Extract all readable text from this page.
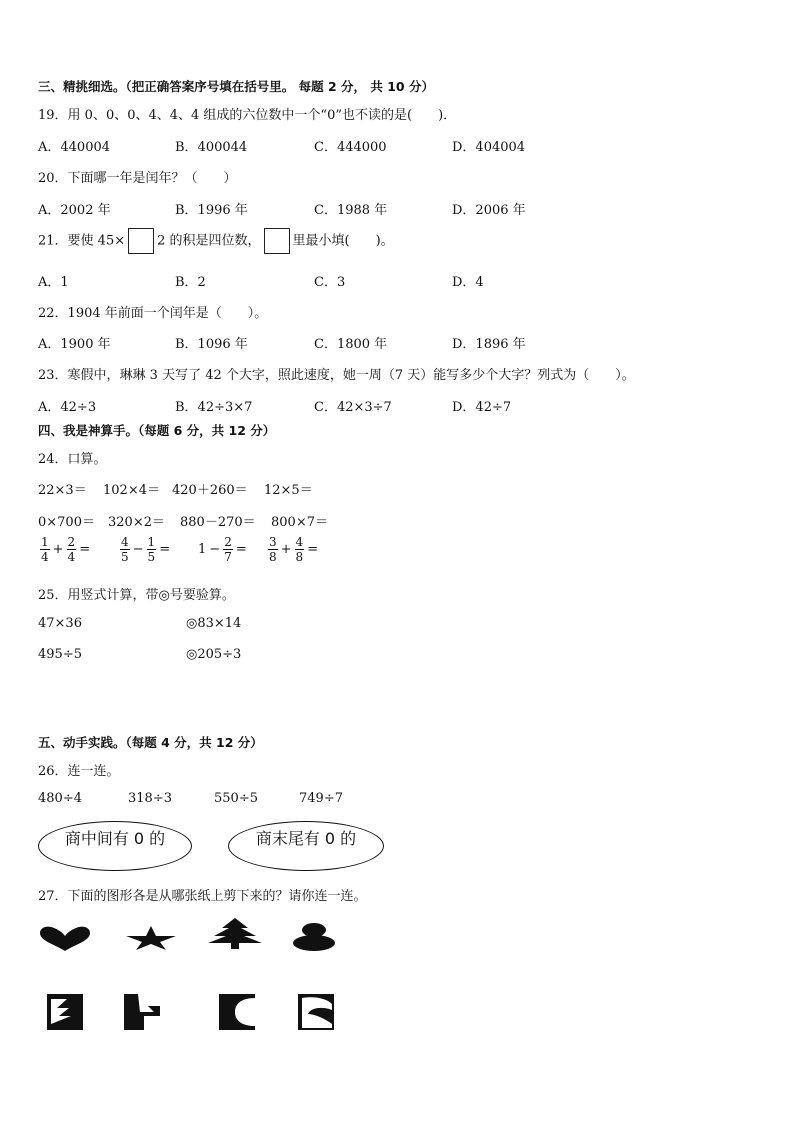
三、精挑细选。（把正确答案序号填在括号里。 每题 2 分， 共 10 分）
19．用 0、0、0、4、4、4 组成的六位数中一个“0”也不读的是(　　)．
A．440004	B．400044	C．444000	D．404004
20．下面哪一年是闰年？（　　）
A．2002 年	B．1996 年	C．1988 年	D．2006 年
21．要使 45× 2 的积是四位数， 里最小填(　　)。
A．1	B．2	C．3	D．4
22．1904 年前面一个闰年是（　　）。
A．1900 年	B．1096 年	C．1800 年	D．1896 年
23．寒假中，琳琳 3 天写了 42 个大字，照此速度，她一周（7 天）能写多少个大字？列式为（　　）。
A．42÷3	B．42÷3×7	C．42×3÷7	D．42÷7
四、我是神算手。（每题 6 分，共 12 分）
24．口算。
22×3＝ 102×4＝ 420＋260＝ 12×5＝
0×700＝ 320×2＝ 880－270＝ 800×7＝
$\frac{1}{4} + \frac{2}{4} = \frac{4}{5} - \frac{1}{5} = 1 - \frac{2}{7} = \frac{3}{8} + \frac{4}{8}$ =
25．用竖式计算，带◎号要验算。
47×36	◎83×14
495÷5	◎205÷3
五、动手实践。（每题 4 分，共 12 分）
26．连一连。
480÷4	318÷3	550÷5	749÷7
商中间有 0 的	商末尾有 0 的
27．下面的图形各是从哪张纸上剪下来的？请你连一连。
